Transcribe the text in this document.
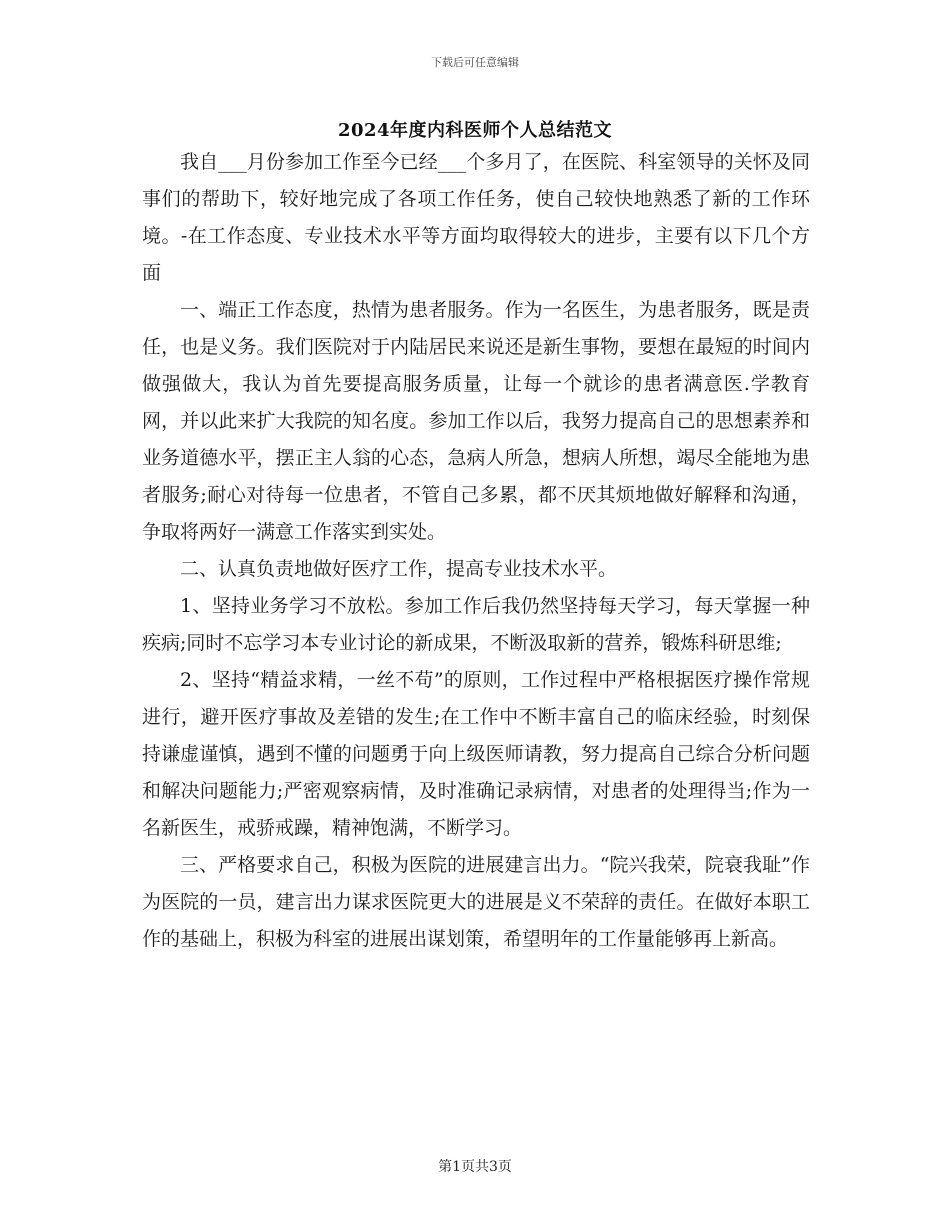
下载后可任意编辑
2024年度内科医师个人总结范文

我自___月份参加工作至今已经___个多月了，在医院、科室领导的关怀及同事们的帮助下，较好地完成了各项工作任务，使自己较快地熟悉了新的工作环境。-在工作态度、专业技术水平等方面均取得较大的进步，主要有以下几个方面

一、端正工作态度，热情为患者服务。作为一名医生，为患者服务，既是责任，也是义务。我们医院对于内陆居民来说还是新生事物，要想在最短的时间内做强做大，我认为首先要提高服务质量，让每一个就诊的患者满意医.学教育网，并以此来扩大我院的知名度。参加工作以后，我努力提高自己的思想素养和业务道德水平，摆正主人翁的心态，急病人所急，想病人所想，竭尽全能地为患者服务;耐心对待每一位患者，不管自己多累，都不厌其烦地做好解释和沟通，争取将两好一满意工作落实到实处。

二、认真负责地做好医疗工作，提高专业技术水平。

1、坚持业务学习不放松。参加工作后我仍然坚持每天学习，每天掌握一种疾病;同时不忘学习本专业讨论的新成果，不断汲取新的营养，锻炼科研思维;

2、坚持“精益求精，一丝不苟”的原则，工作过程中严格根据医疗操作常规进行，避开医疗事故及差错的发生;在工作中不断丰富自己的临床经验，时刻保持谦虚谨慎，遇到不懂的问题勇于向上级医师请教，努力提高自己综合分析问题和解决问题能力;严密观察病情，及时准确记录病情，对患者的处理得当;作为一名新医生，戒骄戒躁，精神饱满，不断学习。

三、严格要求自己，积极为医院的进展建言出力。“院兴我荣，院衰我耻”作为医院的一员，建言出力谋求医院更大的进展是义不荣辞的责任。在做好本职工作的基础上，积极为科室的进展出谋划策，希望明年的工作量能够再上新高。

第1页共3页
